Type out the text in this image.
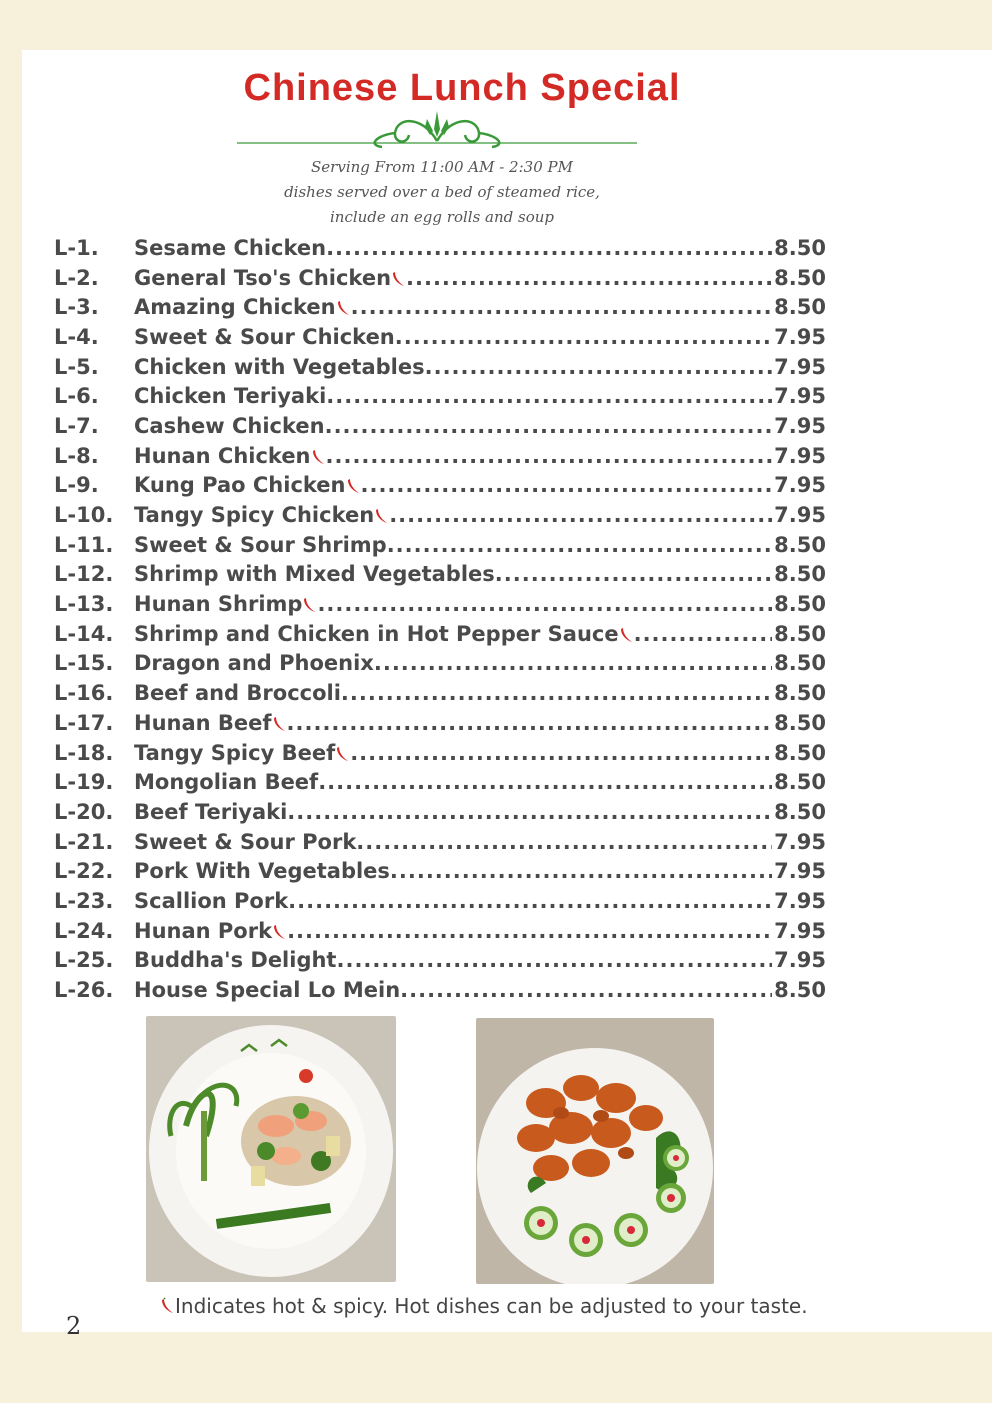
Chinese Lunch Special
Serving From 11:00 AM - 2:30 PM
dishes served over a bed of steamed rice,
include an egg rolls and soup
L-1.	Sesame Chicken .....	8.50
L-2.	General Tso's Chicken .....	8.50
L-3.	Amazing Chicken .....	8.50
L-4.	Sweet & Sour Chicken .....	7.95
L-5.	Chicken with Vegetables .....	7.95
L-6.	Chicken Teriyaki .....	7.95
L-7.	Cashew Chicken .....	7.95
L-8.	Hunan Chicken .....	7.95
L-9.	Kung Pao Chicken .....	7.95
L-10. Tangy Spicy Chicken .....	7.95
L-11. Sweet & Sour Shrimp .....	8.50
L-12. Shrimp with Mixed Vegetables .....	8.50
L-13. Hunan Shrimp .....	8.50
L-14. Shrimp and Chicken in Hot Pepper Sauce .....	8.50
L-15. Dragon and Phoenix .....	8.50
L-16. Beef and Broccoli .....	8.50
L-17. Hunan Beef .....	8.50
L-18. Tangy Spicy Beef .....	8.50
L-19. Mongolian Beef .....	8.50
L-20. Beef Teriyaki .....	8.50
L-21. Sweet & Sour Pork .....	7.95
L-22. Pork With Vegetables .....	7.95
L-23. Scallion Pork .....	7.95
L-24. Hunan Pork .....	7.95
L-25. Buddha's Delight .....	7.95
L-26. House Special Lo Mein .....	8.50
Indicates hot & spicy. Hot dishes can be adjusted to your taste.
2
